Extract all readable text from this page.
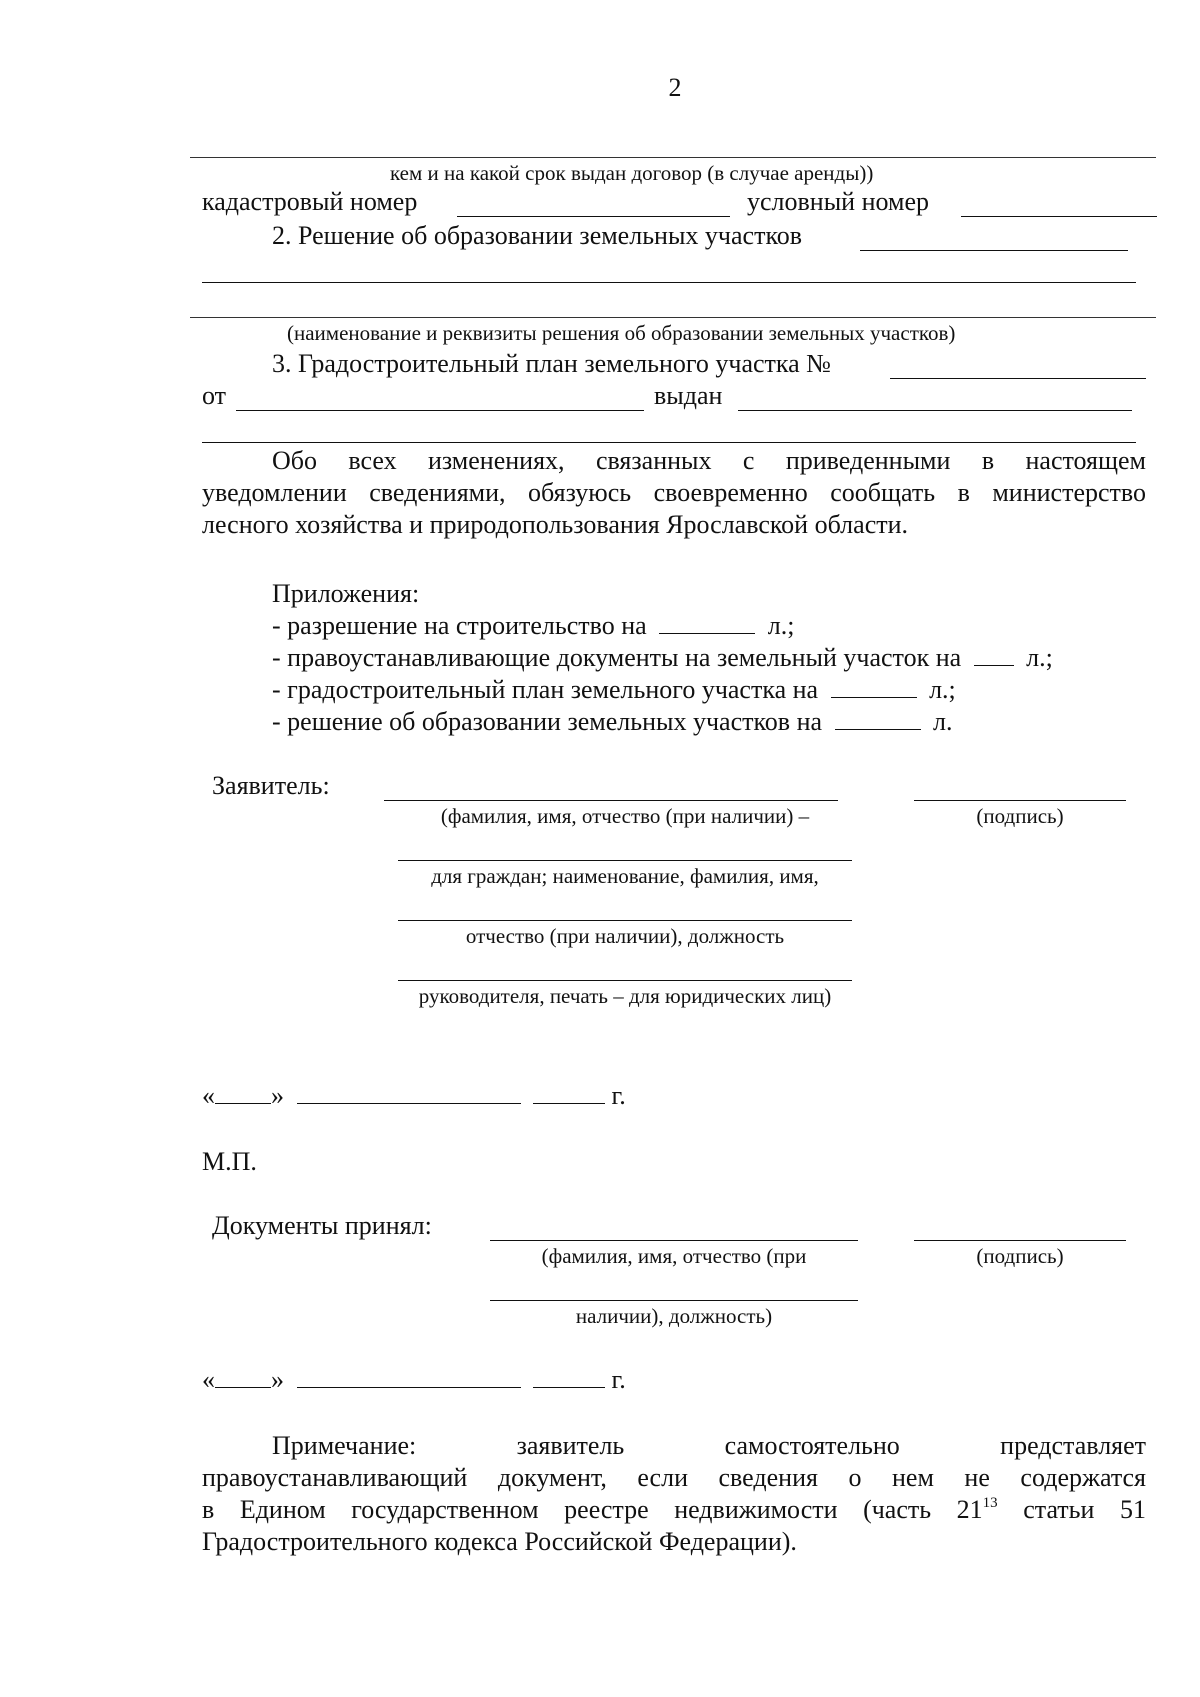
2
кем и на какой срок выдан договор (в случае аренды))
кадастровый номер	условный номер
2. Решение об образовании земельных участков
(наименование и реквизиты решения об образовании земельных участков)
3. Градостроительный план земельного участка №
от	выдан
Обо всех изменениях, связанных с приведенными в настоящем
уведомлении сведениями, обязуюсь своевременно сообщать в министерство
лесного хозяйства и природопользования Ярославской области.
Приложения:
- разрешение на строительство на	л.;
- правоустанавливающие документы на земельный участок на	л.;
- градостроительный план земельного участка на	л.;
- решение об образовании земельных участков на	л.
Заявитель:
(фамилия, имя, отчество (при наличии) –	(подпись)
для граждан; наименование, фамилия, имя,
отчество (при наличии), должность
руководителя, печать – для юридических лиц)
« »	г.
М.П.
Документы принял:
(фамилия, имя, отчество (при	(подпись)
наличии), должность)
« »	г.
Примечание:	заявитель	самостоятельно	представляет
правоустанавливающий документ, если сведения о нем не содержатся
в Едином государственном реестре недвижимости (часть $21^{13}$ статьи 51
Градостроительного кодекса Российской Федерации).
